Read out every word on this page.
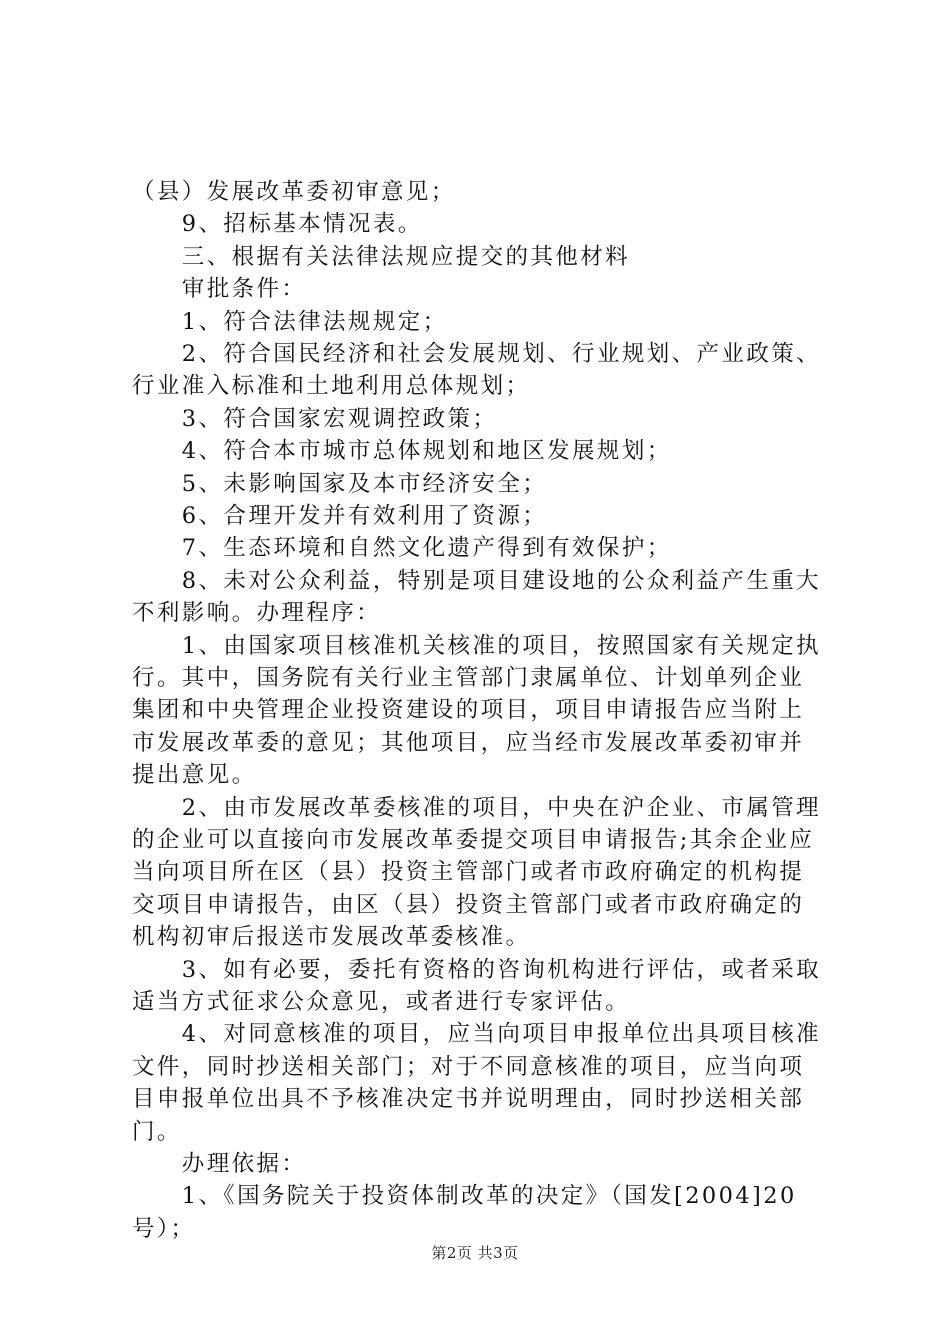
（县）发展改革委初审意见；
　　9、招标基本情况表。
　　三、根据有关法律法规应提交的其他材料
　　审批条件：
　　1、符合法律法规规定；
　　2、符合国民经济和社会发展规划、行业规划、产业政策、
行业准入标准和土地利用总体规划；
　　3、符合国家宏观调控政策；
　　4、符合本市城市总体规划和地区发展规划；
　　5、未影响国家及本市经济安全；
　　6、合理开发并有效利用了资源；
　　7、生态环境和自然文化遗产得到有效保护；
　　8、未对公众利益，特别是项目建设地的公众利益产生重大
不利影响。办理程序：
　　1、由国家项目核准机关核准的项目，按照国家有关规定执
行。其中，国务院有关行业主管部门隶属单位、计划单列企业
集团和中央管理企业投资建设的项目，项目申请报告应当附上
市发展改革委的意见；其他项目，应当经市发展改革委初审并
提出意见。
　　2、由市发展改革委核准的项目，中央在沪企业、市属管理
的企业可以直接向市发展改革委提交项目申请报告;其余企业应
当向项目所在区（县）投资主管部门或者市政府确定的机构提
交项目申请报告，由区（县）投资主管部门或者市政府确定的
机构初审后报送市发展改革委核准。
　　3、如有必要，委托有资格的咨询机构进行评估，或者采取
适当方式征求公众意见，或者进行专家评估。
　　4、对同意核准的项目，应当向项目申报单位出具项目核准
文件，同时抄送相关部门；对于不同意核准的项目，应当向项
目申报单位出具不予核准决定书并说明理由，同时抄送相关部
门。
　　办理依据：
　　1、《国务院关于投资体制改革的决定》（国发[2004]20
号）；
第2页 共3页
